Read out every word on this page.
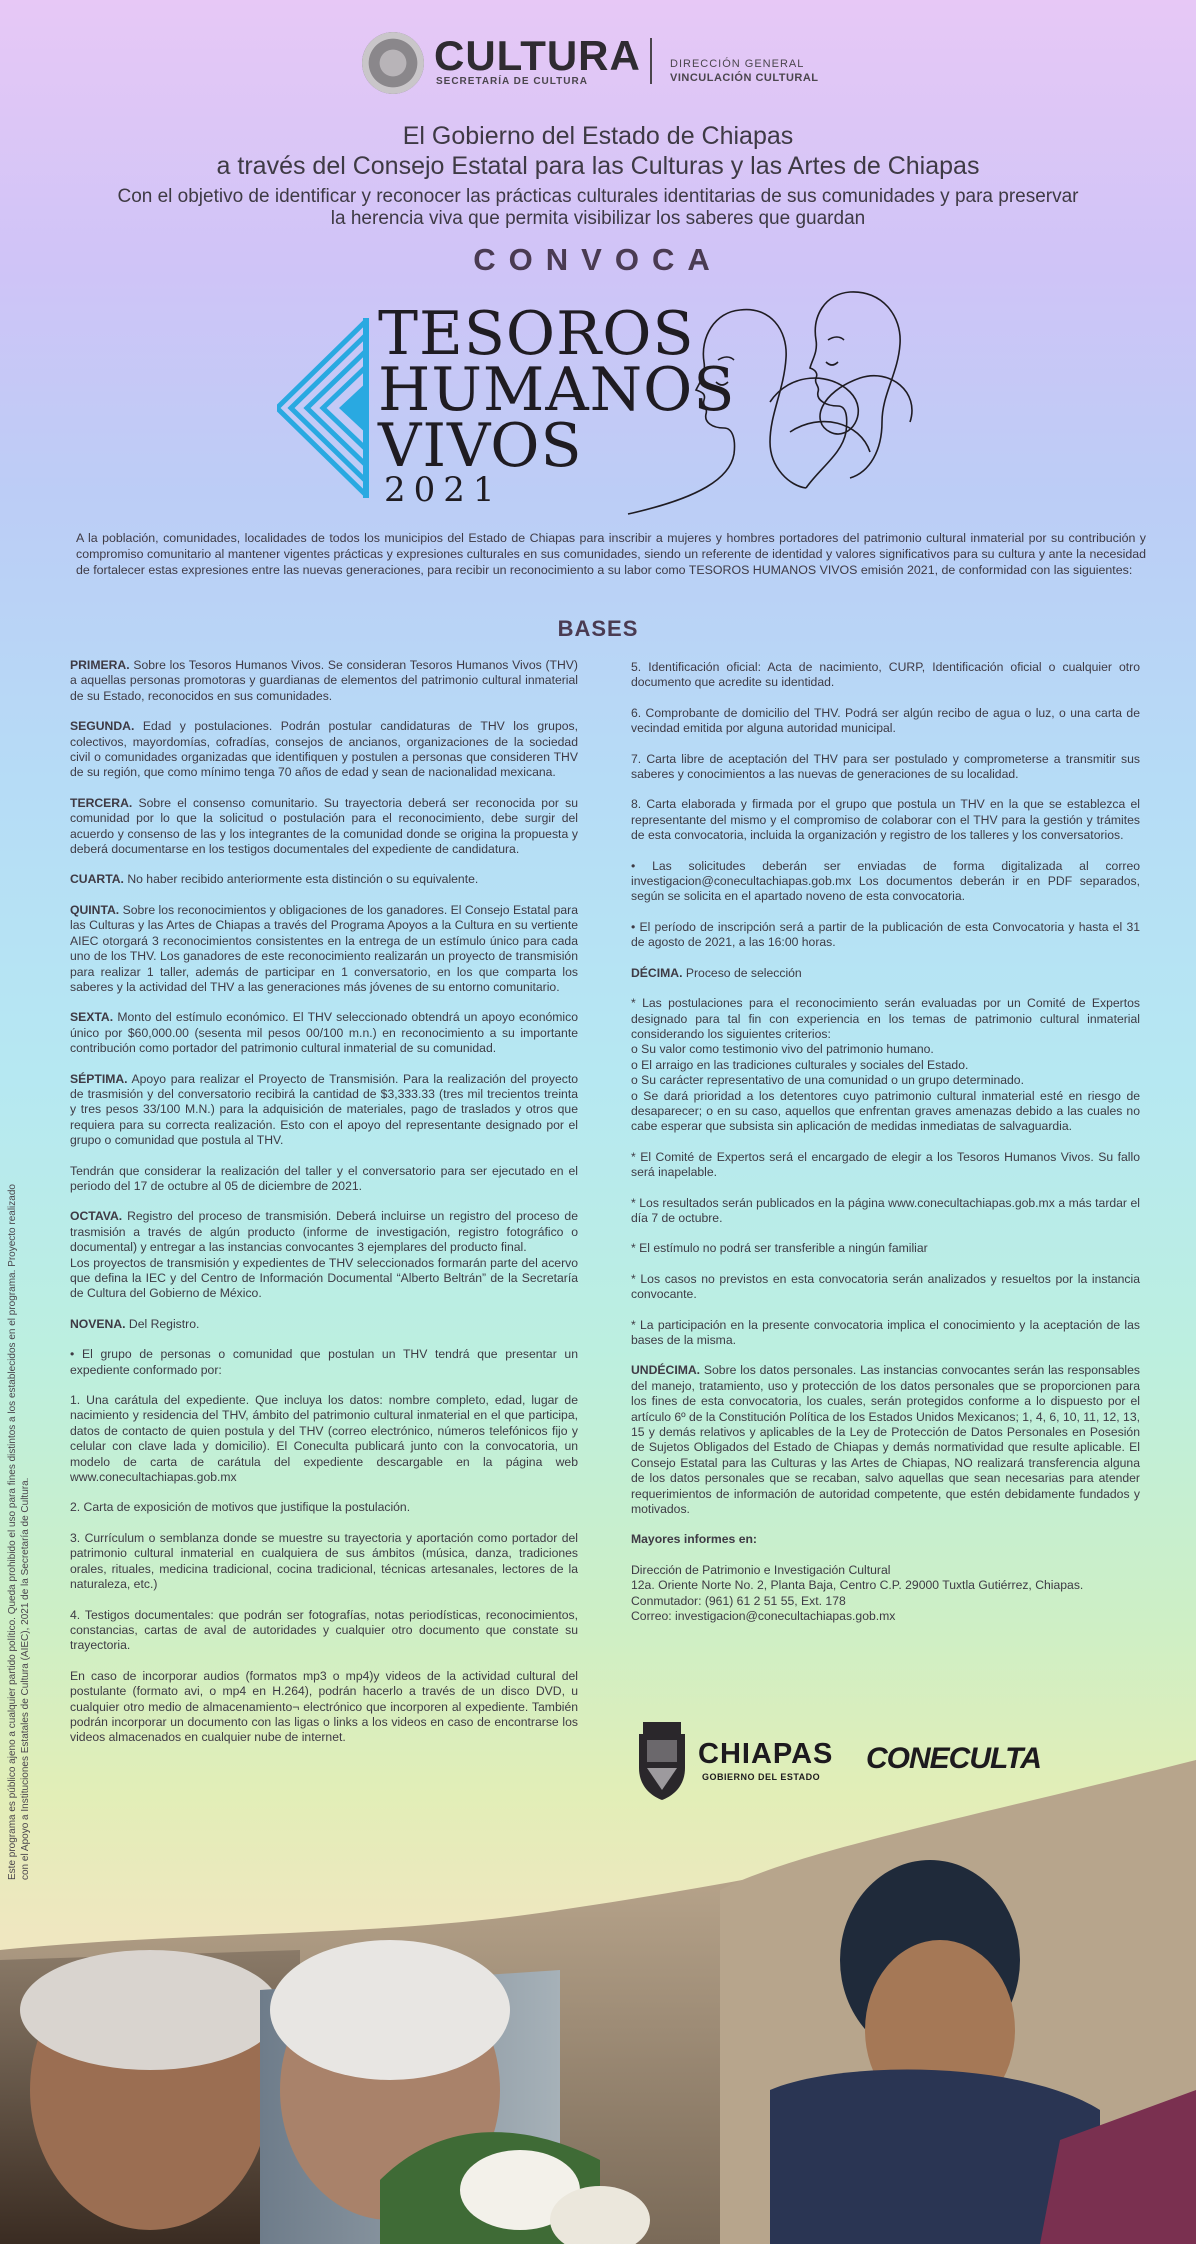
CULTURA
SECRETARÍA DE CULTURA
DIRECCIÓN GENERAL
VINCULACIÓN CULTURAL
El Gobierno del Estado de Chiapas
a través del Consejo Estatal para las Culturas y las Artes de Chiapas
Con el objetivo de identificar y reconocer las prácticas culturales identitarias de sus comunidades y para preservar
la herencia viva que permita visibilizar los saberes que guardan
CONVOCA
TESOROS
HUMANOS
VIVOS
2021
A la población, comunidades, localidades de todos los municipios del Estado de Chiapas para inscribir a mujeres y hombres portadores del patrimonio cultural inmaterial por su contribución y compromiso comunitario al mantener vigentes prácticas y expresiones culturales en sus comunidades, siendo un referente de identidad y valores significativos para su cultura y ante la necesidad de fortalecer estas expresiones entre las nuevas generaciones, para recibir un reconocimiento a su labor como TESOROS HUMANOS VIVOS emisión 2021, de conformidad con las siguientes:
BASES

PRIMERA. Sobre los Tesoros Humanos Vivos. Se consideran Tesoros Humanos Vivos (THV) a aquellas personas promotoras y guardianas de elementos del patrimonio cultural inmaterial de su Estado, reconocidos en sus comunidades.

SEGUNDA. Edad y postulaciones. Podrán postular candidaturas de THV los grupos, colectivos, mayordomías, cofradías, consejos de ancianos, organizaciones de la sociedad civil o comunidades organizadas que identifiquen y postulen a personas que consideren THV de su región, que como mínimo tenga 70 años de edad y sean de nacionalidad mexicana.

TERCERA. Sobre el consenso comunitario. Su trayectoria deberá ser reconocida por su comunidad por lo que la solicitud o postulación para el reconocimiento, debe surgir del acuerdo y consenso de las y los integrantes de la comunidad donde se origina la propuesta y deberá documentarse en los testigos documentales del expediente de candidatura.

CUARTA. No haber recibido anteriormente esta distinción o su equivalente.

QUINTA. Sobre los reconocimientos y obligaciones de los ganadores. El Consejo Estatal para las Culturas y las Artes de Chiapas a través del Programa Apoyos a la Cultura en su vertiente AIEC otorgará 3 reconocimientos consistentes en la entrega de un estímulo único para cada uno de los THV. Los ganadores de este reconocimiento realizarán un proyecto de transmisión para realizar 1 taller, además de participar en 1 conversatorio, en los que comparta los saberes y la actividad del THV a las generaciones más jóvenes de su entorno comunitario.

SEXTA. Monto del estímulo económico. El THV seleccionado obtendrá un apoyo económico único por $60,000.00 (sesenta mil pesos 00/100 m.n.) en reconocimiento a su importante contribución como portador del patrimonio cultural inmaterial de su comunidad.

SÉPTIMA. Apoyo para realizar el Proyecto de Transmisión. Para la realización del proyecto de trasmisión y del conversatorio recibirá la cantidad de $3,333.33 (tres mil trecientos treinta y tres pesos 33/100 M.N.) para la adquisición de materiales, pago de traslados y otros que requiera para su correcta realización. Esto con el apoyo del representante designado por el grupo o comunidad que postula al THV.

Tendrán que considerar la realización del taller y el conversatorio para ser ejecutado en el periodo del 17 de octubre al 05 de diciembre de 2021.

OCTAVA. Registro del proceso de transmisión. Deberá incluirse un registro del proceso de trasmisión a través de algún producto (informe de investigación, registro fotográfico o documental) y entregar a las instancias convocantes 3 ejemplares del producto final.
Los proyectos de transmisión y expedientes de THV seleccionados formarán parte del acervo que defina la IEC y del Centro de Información Documental “Alberto Beltrán” de la Secretaría de Cultura del Gobierno de México.

NOVENA. Del Registro.

• El grupo de personas o comunidad que postulan un THV tendrá que presentar un expediente conformado por:

1. Una carátula del expediente. Que incluya los datos: nombre completo, edad, lugar de nacimiento y residencia del THV, ámbito del patrimonio cultural inmaterial en el que participa, datos de contacto de quien postula y del THV (correo electrónico, números telefónicos fijo y celular con clave lada y domicilio). El Coneculta publicará junto con la convocatoria, un modelo de carta de carátula del expediente descargable en la página web www.conecultachiapas.gob.mx

2. Carta de exposición de motivos que justifique la postulación.

3. Currículum o semblanza donde se muestre su trayectoria y aportación como portador del patrimonio cultural inmaterial en cualquiera de sus ámbitos (música, danza, tradiciones orales, rituales, medicina tradicional, cocina tradicional, técnicas artesanales, lectores de la naturaleza, etc.)

4. Testigos documentales: que podrán ser fotografías, notas periodísticas, reconocimientos, constancias, cartas de aval de autoridades y cualquier otro documento que constate su trayectoria.

En caso de incorporar audios (formatos mp3 o mp4)y videos de la actividad cultural del postulante (formato avi, o mp4 en H.264), podrán hacerlo a través de un disco DVD, u cualquier otro medio de almacenamiento¬ electrónico que incorporen al expediente. También podrán incorporar un documento con las ligas o links a los videos en caso de encontrarse los videos almacenados en cualquier nube de internet.

5. Identificación oficial: Acta de nacimiento, CURP, Identificación oficial o cualquier otro documento que acredite su identidad.

6. Comprobante de domicilio del THV. Podrá ser algún recibo de agua o luz, o una carta de vecindad emitida por alguna autoridad municipal.

7. Carta libre de aceptación del THV para ser postulado y comprometerse a transmitir sus saberes y conocimientos a las nuevas de generaciones de su localidad.

8. Carta elaborada y firmada por el grupo que postula un THV en la que se establezca el representante del mismo y el compromiso de colaborar con el THV para la gestión y trámites de esta convocatoria, incluida la organización y registro de los talleres y los conversatorios.

• Las solicitudes deberán ser enviadas de forma digitalizada al correo investigacion@conecultachiapas.gob.mx Los documentos deberán ir en PDF separados, según se solicita en el apartado noveno de esta convocatoria.

• El período de inscripción será a partir de la publicación de esta Convocatoria y hasta el 31 de agosto de 2021, a las 16:00 horas.

DÉCIMA. Proceso de selección

* Las postulaciones para el reconocimiento serán evaluadas por un Comité de Expertos designado para tal fin con experiencia en los temas de patrimonio cultural inmaterial considerando los siguientes criterios:
o Su valor como testimonio vivo del patrimonio humano.
o El arraigo en las tradiciones culturales y sociales del Estado.
o Su carácter representativo de una comunidad o un grupo determinado.
o Se dará prioridad a los detentores cuyo patrimonio cultural inmaterial esté en riesgo de desaparecer; o en su caso, aquellos que enfrentan graves amenazas debido a las cuales no cabe esperar que subsista sin aplicación de medidas inmediatas de salvaguardia.

* El Comité de Expertos será el encargado de elegir a los Tesoros Humanos Vivos. Su fallo será inapelable.

* Los resultados serán publicados en la página www.conecultachiapas.gob.mx a más tardar el día 7 de octubre.

* El estímulo no podrá ser transferible a ningún familiar

* Los casos no previstos en esta convocatoria serán analizados y resueltos por la instancia convocante.

* La participación en la presente convocatoria implica el conocimiento y la aceptación de las bases de la misma.

UNDÉCIMA. Sobre los datos personales. Las instancias convocantes serán las responsables del manejo, tratamiento, uso y protección de los datos personales que se proporcionen para los fines de esta convocatoria, los cuales, serán protegidos conforme a lo dispuesto por el artículo 6º de la Constitución Política de los Estados Unidos Mexicanos; 1, 4, 6, 10, 11, 12, 13, 15 y demás relativos y aplicables de la Ley de Protección de Datos Personales en Posesión de Sujetos Obligados del Estado de Chiapas y demás normatividad que resulte aplicable. El Consejo Estatal para las Culturas y las Artes de Chiapas, NO realizará transferencia alguna de los datos personales que se recaban, salvo aquellas que sean necesarias para atender requerimientos de información de autoridad competente, que estén debidamente fundados y motivados.

Mayores informes en:

Dirección de Patrimonio e Investigación Cultural
12a. Oriente Norte No. 2, Planta Baja, Centro C.P. 29000 Tuxtla Gutiérrez, Chiapas.
Conmutador: (961) 61 2 51 55, Ext. 178
Correo: investigacion@conecultachiapas.gob.mx

Este programa es público ajeno a cualquier partido político. Queda prohibido el uso para fines distintos a los establecidos en el programa. Proyecto realizado con el Apoyo a Instituciones Estatales de Cultura (AIEC), 2021 de la Secretaría de Cultura.	CHIAPAS
GOBIERNO DEL ESTADO
CONECULTA
